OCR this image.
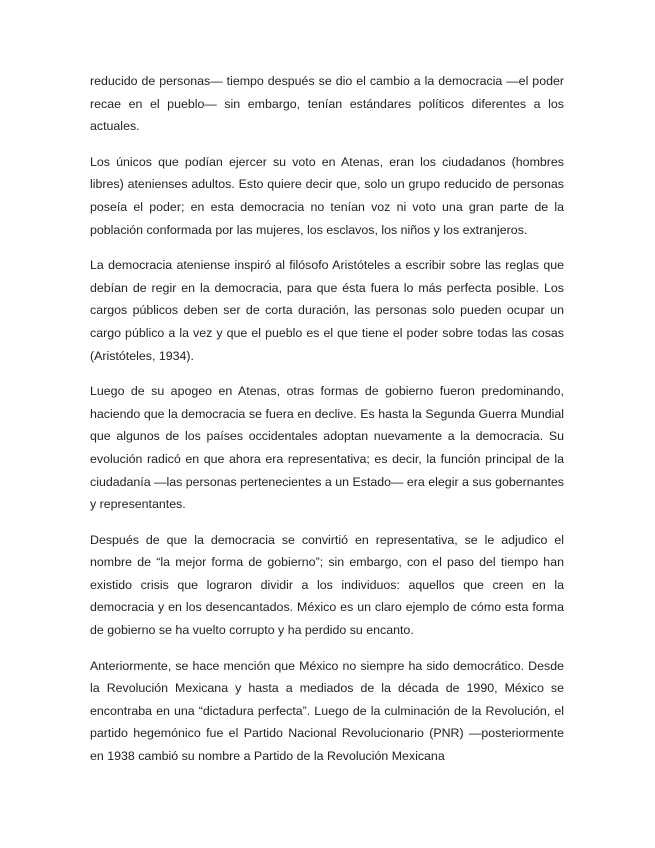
reducido de personas— tiempo después se dio el cambio a la democracia —el poder recae en el pueblo— sin embargo, tenían estándares políticos diferentes a los actuales.

Los únicos que podían ejercer su voto en Atenas, eran los ciudadanos (hombres libres) atenienses adultos. Esto quiere decir que, solo un grupo reducido de personas poseía el poder; en esta democracia no tenían voz ni voto una gran parte de la población conformada por las mujeres, los esclavos, los niños y los extranjeros.

La democracia ateniense inspiró al filósofo Aristóteles a escribir sobre las reglas que debían de regir en la democracia, para que ésta fuera lo más perfecta posible. Los cargos públicos deben ser de corta duración, las personas solo pueden ocupar un cargo público a la vez y que el pueblo es el que tiene el poder sobre todas las cosas (Aristóteles, 1934).

Luego de su apogeo en Atenas, otras formas de gobierno fueron predominando, haciendo que la democracia se fuera en declive. Es hasta la Segunda Guerra Mundial que algunos de los países occidentales adoptan nuevamente a la democracia. Su evolución radicó en que ahora era representativa; es decir, la función principal de la ciudadanía —las personas pertenecientes a un Estado— era elegir a sus gobernantes y representantes.

Después de que la democracia se convirtió en representativa, se le adjudico el nombre de “la mejor forma de gobierno”; sin embargo, con el paso del tiempo han existido crisis que lograron dividir a los individuos: aquellos que creen en la democracia y en los desencantados. México es un claro ejemplo de cómo esta forma de gobierno se ha vuelto corrupto y ha perdido su encanto.

Anteriormente, se hace mención que México no siempre ha sido democrático. Desde la Revolución Mexicana y hasta a mediados de la década de 1990, México se encontraba en una “dictadura perfecta”. Luego de la culminación de la Revolución, el partido hegemónico fue el Partido Nacional Revolucionario (PNR) —posteriormente en 1938 cambió su nombre a Partido de la Revolución Mexicana
